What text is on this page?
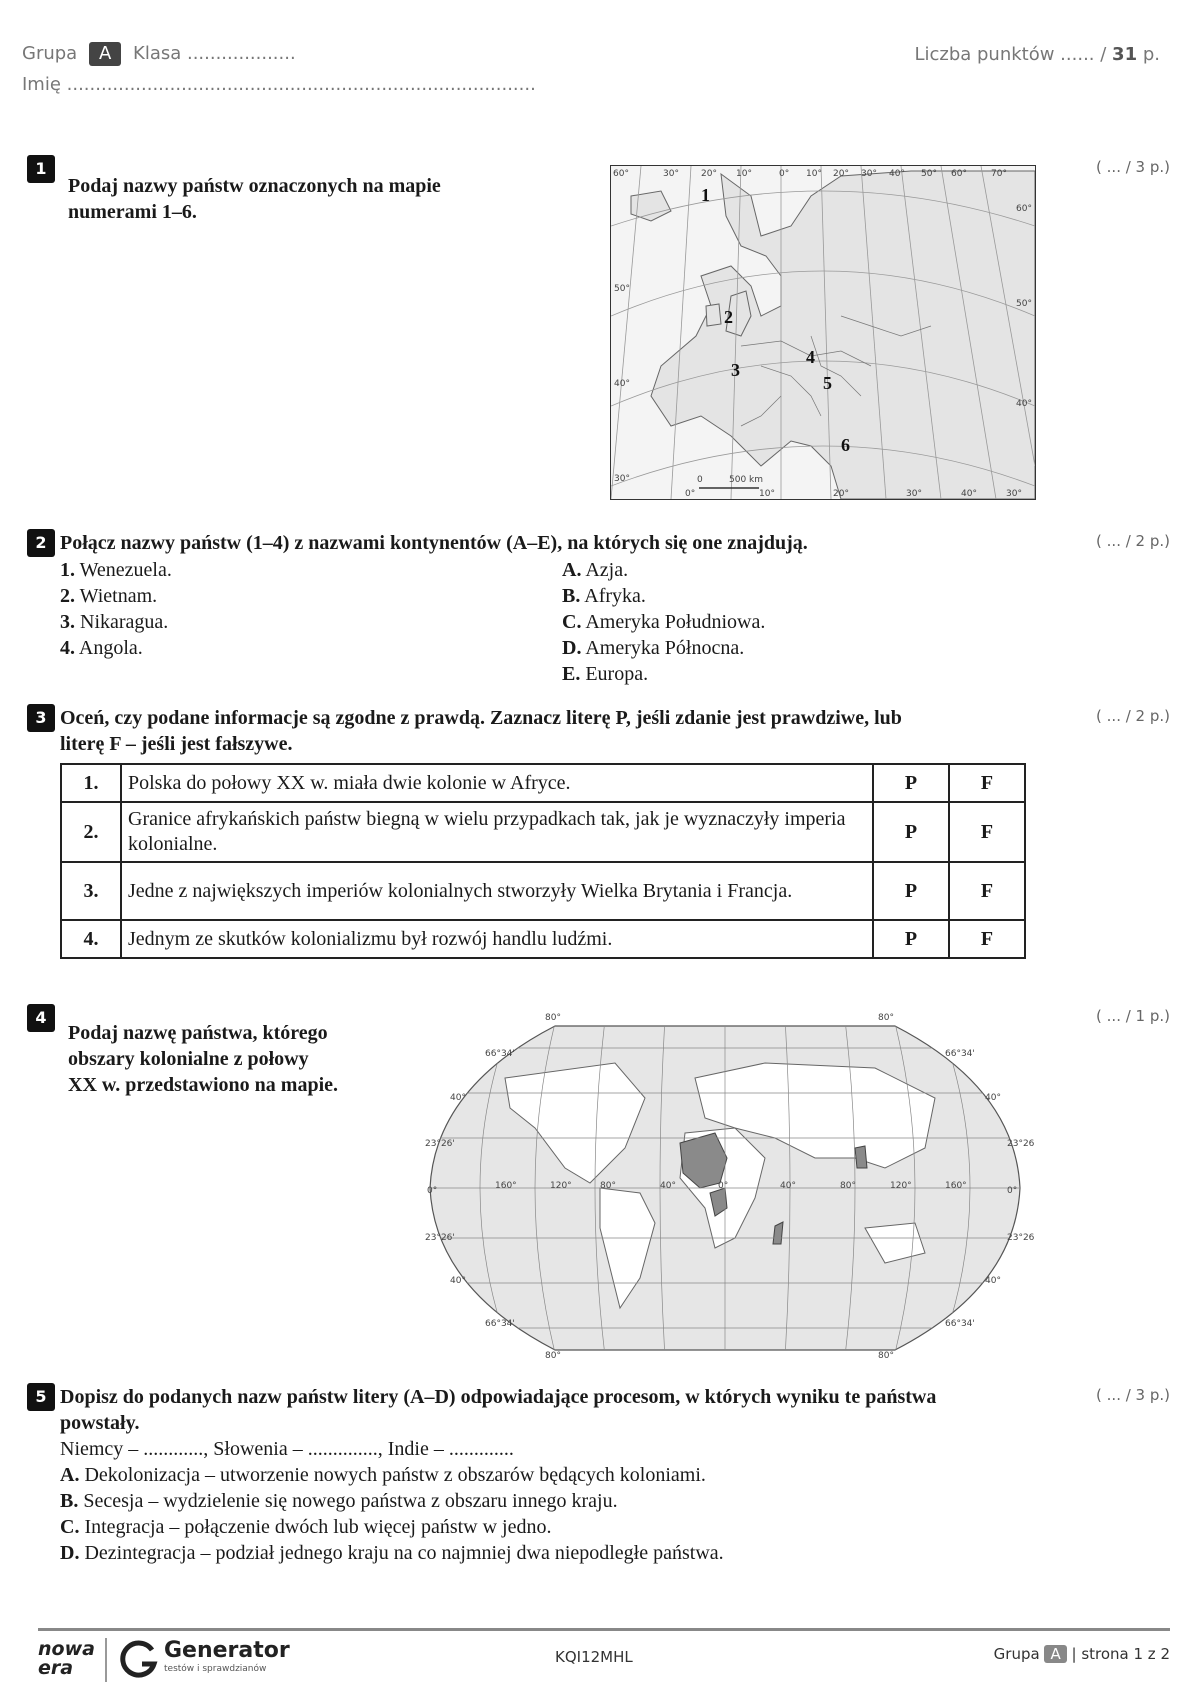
Grupa A Klasa ...................
Imię ..................................................................................
Liczba punktów ...... / 31 p.
1
Podaj nazwy państw oznaczonych na mapie numerami 1–6.
( ... / 3 p.)
60°	30° 20° 10°	0° 10° 20° 30° 40° 50° 60°	70°
50°
40°
30°
60°
50°
40°
0°	10°	20°	30°	40°	30°
0	500 km
1
2
3
4
5
6
2 Połącz nazwy państw (1–4) z nazwami kontynentów (A–E), na których się one znajdują.	( ... / 2 p.)
1. Wenezuela.
2. Wietnam.
3. Nikaragua.
4. Angola.
A. Azja.
B. Afryka.
C. Ameryka Południowa.
D. Ameryka Północna.
E. Europa.
3 Oceń, czy podane informacje są zgodne z prawdą. Zaznacz literę P, jeśli zdanie jest prawdziwe, lub
literę F – jeśli jest fałszywe.
( ... / 2 p.)
1.	Polska do połowy XX w. miała dwie kolonie w Afryce.	P	F
2.	Granice afrykańskich państw biegną w wielu przypadkach tak, jak je wyznaczyły imperia kolonialne.	P	F
3.	Jedne z największych imperiów kolonialnych stworzyły Wielka Brytania i Francja.	P	F
4.	Jednym ze skutków kolonializmu był rozwój handlu ludźmi.	P	F
4
Podaj nazwę państwa, którego
obszary kolonialne z połowy
XX w. przedstawiono na mapie.
( ... / 1 p.)
80°
66°34'
40°
23°26'
0°
23°26'
40°
66°34'
80°
80°
66°34'
40°
23°26'
0°
23°26'
40°
66°34'
80°
160°	120°	80°	40°	0°	40°	80°	120°	160°
5 Dopisz do podanych nazw państw litery (A–D) odpowiadające procesom, w których wyniku te państwa
powstały.
( ... / 3 p.)
Niemcy – ............, Słowenia – .............., Indie – .............
A. Dekolonizacja – utworzenie nowych państw z obszarów będących koloniami.
B. Secesja – wydzielenie się nowego państwa z obszaru innego kraju.
C. Integracja – połączenie dwóch lub więcej państw w jedno.
D. Dezintegracja – podział jednego kraju na co najmniej dwa niepodległe państwa.
nowa
era
Generator
testów i sprawdzianów
KQI12MHL	Grupa A | strona 1 z 2
